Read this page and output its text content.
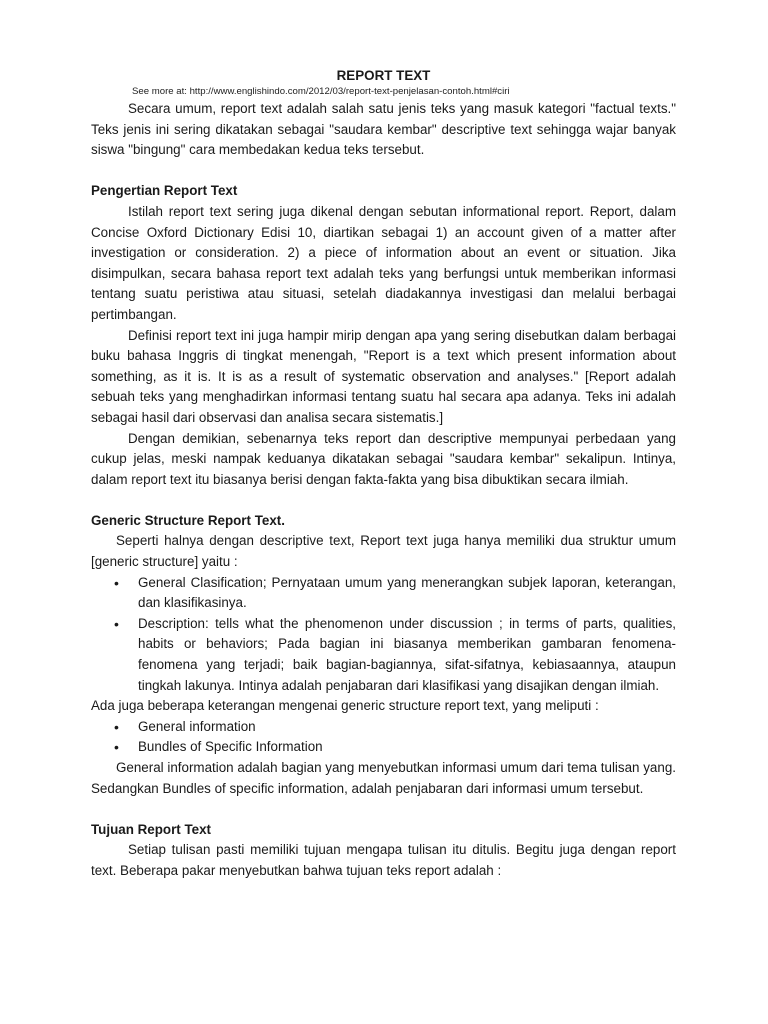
REPORT TEXT
See more at: http://www.englishindo.com/2012/03/report-text-penjelasan-contoh.html#ciri

Secara umum, report text adalah salah satu jenis teks yang masuk kategori "factual texts." Teks jenis ini sering dikatakan sebagai "saudara kembar" descriptive text sehingga wajar banyak siswa "bingung" cara membedakan kedua teks tersebut.

Pengertian Report Text

Istilah report text sering juga dikenal dengan sebutan informational report. Report, dalam Concise Oxford Dictionary Edisi 10, diartikan sebagai 1) an account given of a matter after investigation or consideration. 2) a piece of information about an event or situation. Jika disimpulkan, secara bahasa report text adalah teks yang berfungsi untuk memberikan informasi tentang suatu peristiwa atau situasi, setelah diadakannya investigasi dan melalui berbagai pertimbangan.

Definisi report text ini juga hampir mirip dengan apa yang sering disebutkan dalam berbagai buku bahasa Inggris di tingkat menengah, "Report is a text which present information about something, as it is. It is as a result of systematic observation and analyses." [Report adalah sebuah teks yang menghadirkan informasi tentang suatu hal secara apa adanya. Teks ini adalah sebagai hasil dari observasi dan analisa secara sistematis.]

Dengan demikian, sebenarnya teks report dan descriptive mempunyai perbedaan yang cukup jelas, meski nampak keduanya dikatakan sebagai "saudara kembar" sekalipun. Intinya, dalam report text itu biasanya berisi dengan fakta-fakta yang bisa dibuktikan secara ilmiah.

Generic Structure Report Text.

Seperti halnya dengan descriptive text, Report text juga hanya memiliki dua struktur umum [generic structure] yaitu :

• General Clasification; Pernyataan umum yang menerangkan subjek laporan, keterangan, dan klasifikasinya.
• Description: tells what the phenomenon under discussion ; in terms of parts, qualities, habits or behaviors; Pada bagian ini biasanya memberikan gambaran fenomena-fenomena yang terjadi; baik bagian-bagiannya, sifat-sifatnya, kebiasaannya, ataupun tingkah lakunya. Intinya adalah penjabaran dari klasifikasi yang disajikan dengan ilmiah.

Ada juga beberapa keterangan mengenai generic structure report text, yang meliputi :

• General information
• Bundles of Specific Information

General information adalah bagian yang menyebutkan informasi umum dari tema tulisan yang. Sedangkan Bundles of specific information, adalah penjabaran dari informasi umum tersebut.

Tujuan Report Text

Setiap tulisan pasti memiliki tujuan mengapa tulisan itu ditulis. Begitu juga dengan report text. Beberapa pakar menyebutkan bahwa tujuan teks report adalah :
